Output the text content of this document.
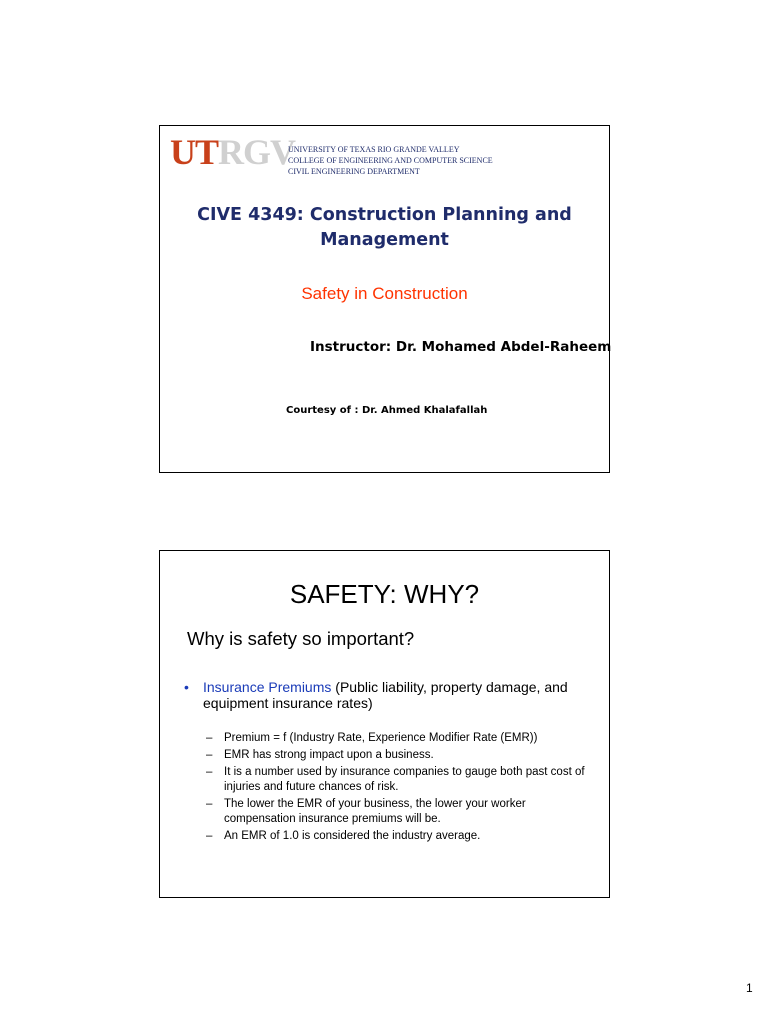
UTRGV
UNIVERSITY OF TEXAS RIO GRANDE VALLEY
COLLEGE OF ENGINEERING AND COMPUTER SCIENCE
CIVIL ENGINEERING DEPARTMENT
CIVE 4349: Construction Planning and
Management
Safety in Construction
Instructor: Dr. Mohamed Abdel-Raheem
Courtesy of : Dr. Ahmed Khalafallah
SAFETY: WHY?
Why is safety so important?
• Insurance Premiums (Public liability, property damage, and equipment insurance rates)
– Premium = f (Industry Rate, Experience Modifier Rate (EMR))
– EMR has strong impact upon a business.
– It is a number used by insurance companies to gauge both past cost of injuries and future chances of risk.
– The lower the EMR of your business, the lower your worker compensation insurance premiums will be.
– An EMR of 1.0 is considered the industry average.
1
